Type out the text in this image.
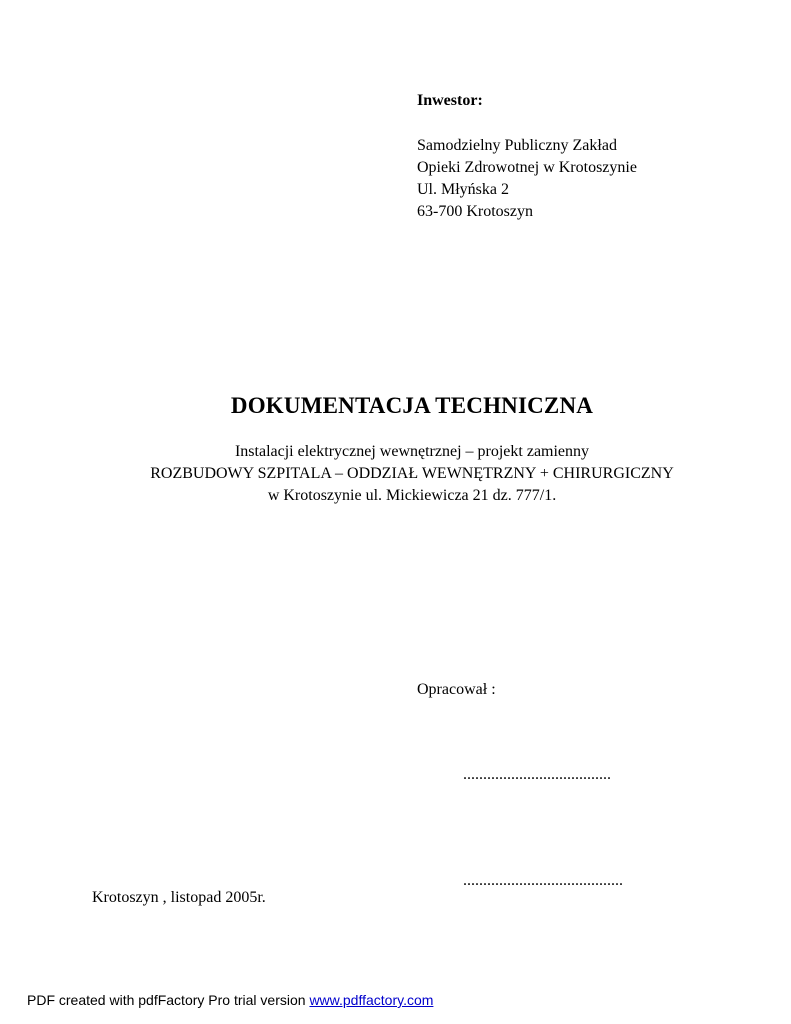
Inwestor:
Samodzielny Publiczny Zakład
Opieki Zdrowotnej w Krotoszynie
Ul. Młyńska 2
63-700 Krotoszyn
DOKUMENTACJA TECHNICZNA
Instalacji elektrycznej wewnętrznej – projekt zamienny
ROZBUDOWY SZPITALA – ODDZIAŁ WEWNĘTRZNY + CHIRURGICZNY
w Krotoszynie ul. Mickiewicza 21 dz. 777/1.
Opracował :
.....................................
........................................
Krotoszyn , listopad 2005r.
PDF created with pdfFactory Pro trial version www.pdffactory.com
